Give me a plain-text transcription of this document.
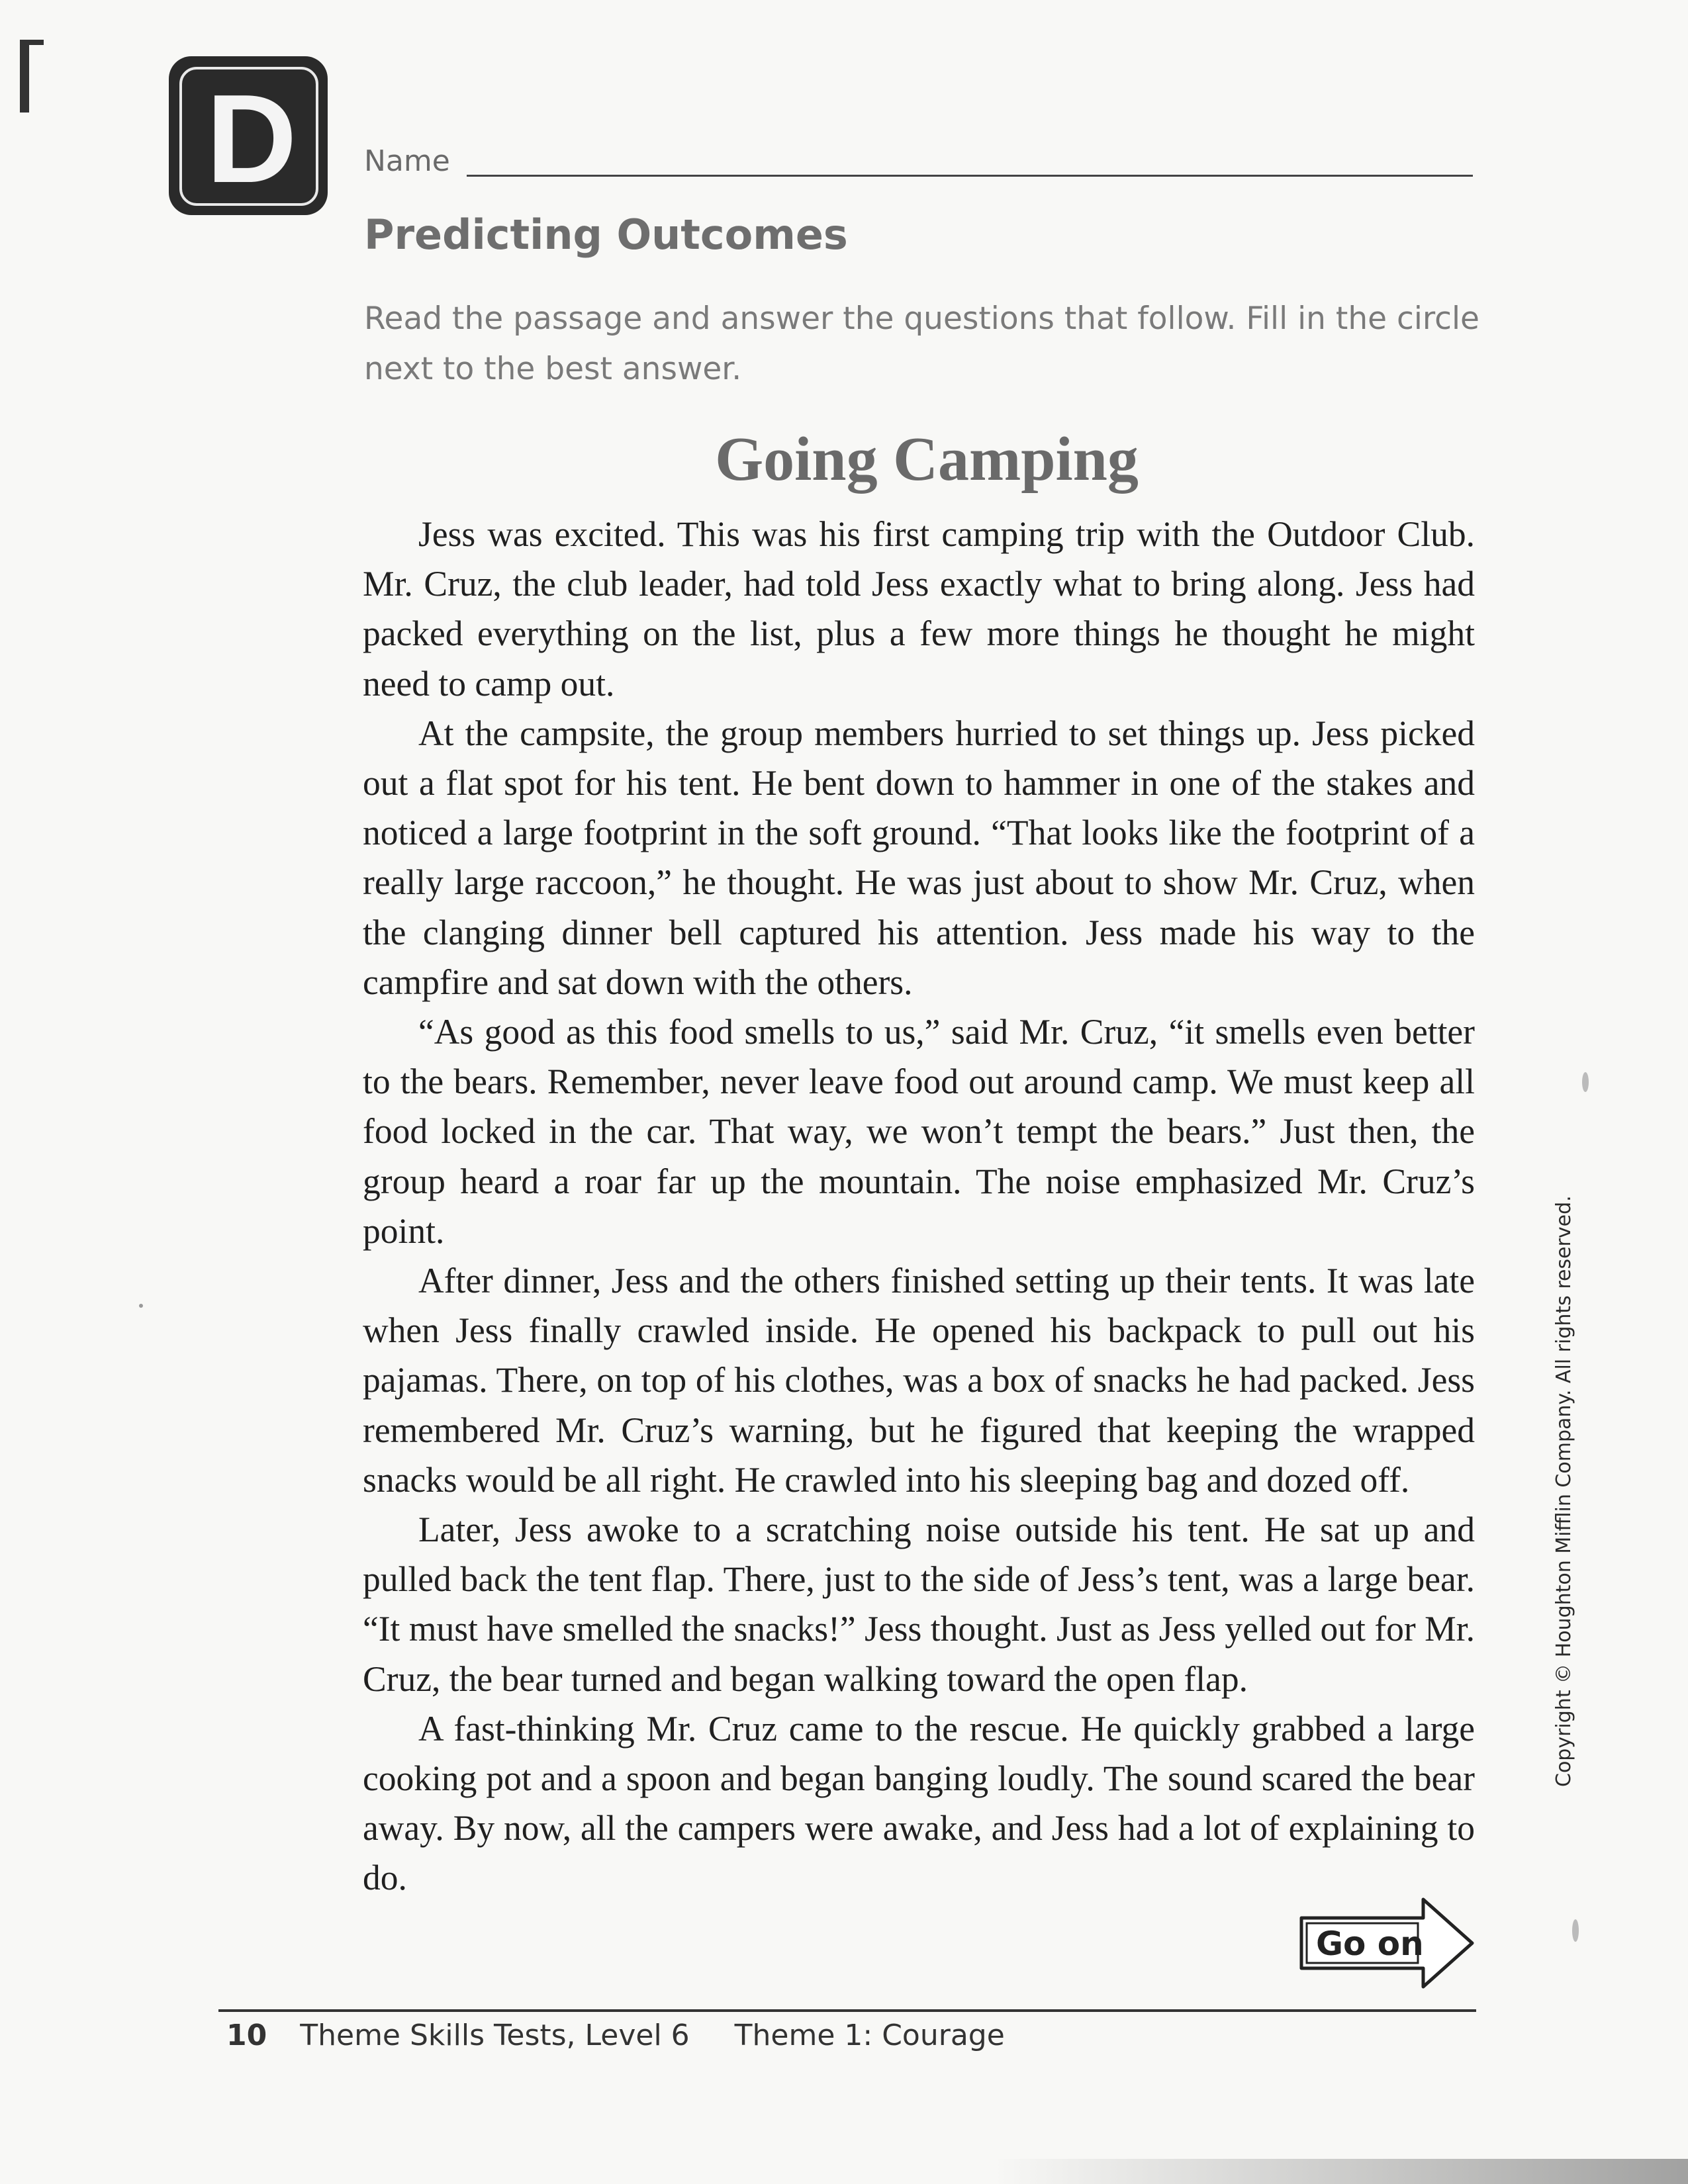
D	Name
Predicting Outcomes
Read the passage and answer the questions that follow. Fill in the circle next to the best answer.
Going Camping

Jess was excited. This was his first camping trip with the Outdoor Club. Mr. Cruz, the club leader, had told Jess exactly what to bring along. Jess had packed everything on the list, plus a few more things he thought he might need to camp out.

At the campsite, the group members hurried to set things up. Jess picked out a flat spot for his tent. He bent down to hammer in one of the stakes and noticed a large footprint in the soft ground. “That looks like the footprint of a really large raccoon,” he thought. He was just about to show Mr. Cruz, when the clanging dinner bell captured his attention. Jess made his way to the campfire and sat down with the others.

“As good as this food smells to us,” said Mr. Cruz, “it smells even better to the bears. Remember, never leave food out around camp. We must keep all food locked in the car. That way, we won’t tempt the bears.” Just then, the group heard a roar far up the mountain. The noise emphasized Mr. Cruz’s point.

After dinner, Jess and the others finished setting up their tents. It was late when Jess finally crawled inside. He opened his backpack to pull out his pajamas. There, on top of his clothes, was a box of snacks he had packed. Jess remembered Mr. Cruz’s warning, but he figured that keeping the wrapped snacks would be all right. He crawled into his sleeping bag and dozed off.

Later, Jess awoke to a scratching noise outside his tent. He sat up and pulled back the tent flap. There, just to the side of Jess’s tent, was a large bear. “It must have smelled the snacks!” Jess thought. Just as Jess yelled out for Mr. Cruz, the bear turned and began walking toward the open flap.

A fast-thinking Mr. Cruz came to the rescue. He quickly grabbed a large cooking pot and a spoon and began banging loudly. The sound scared the bear away. By now, all the campers were awake, and Jess had a lot of explaining to do.

Copyright © Houghton Mifflin Company. All rights reserved.
Go on
10 Theme Skills Tests, Level 6 Theme 1: Courage
